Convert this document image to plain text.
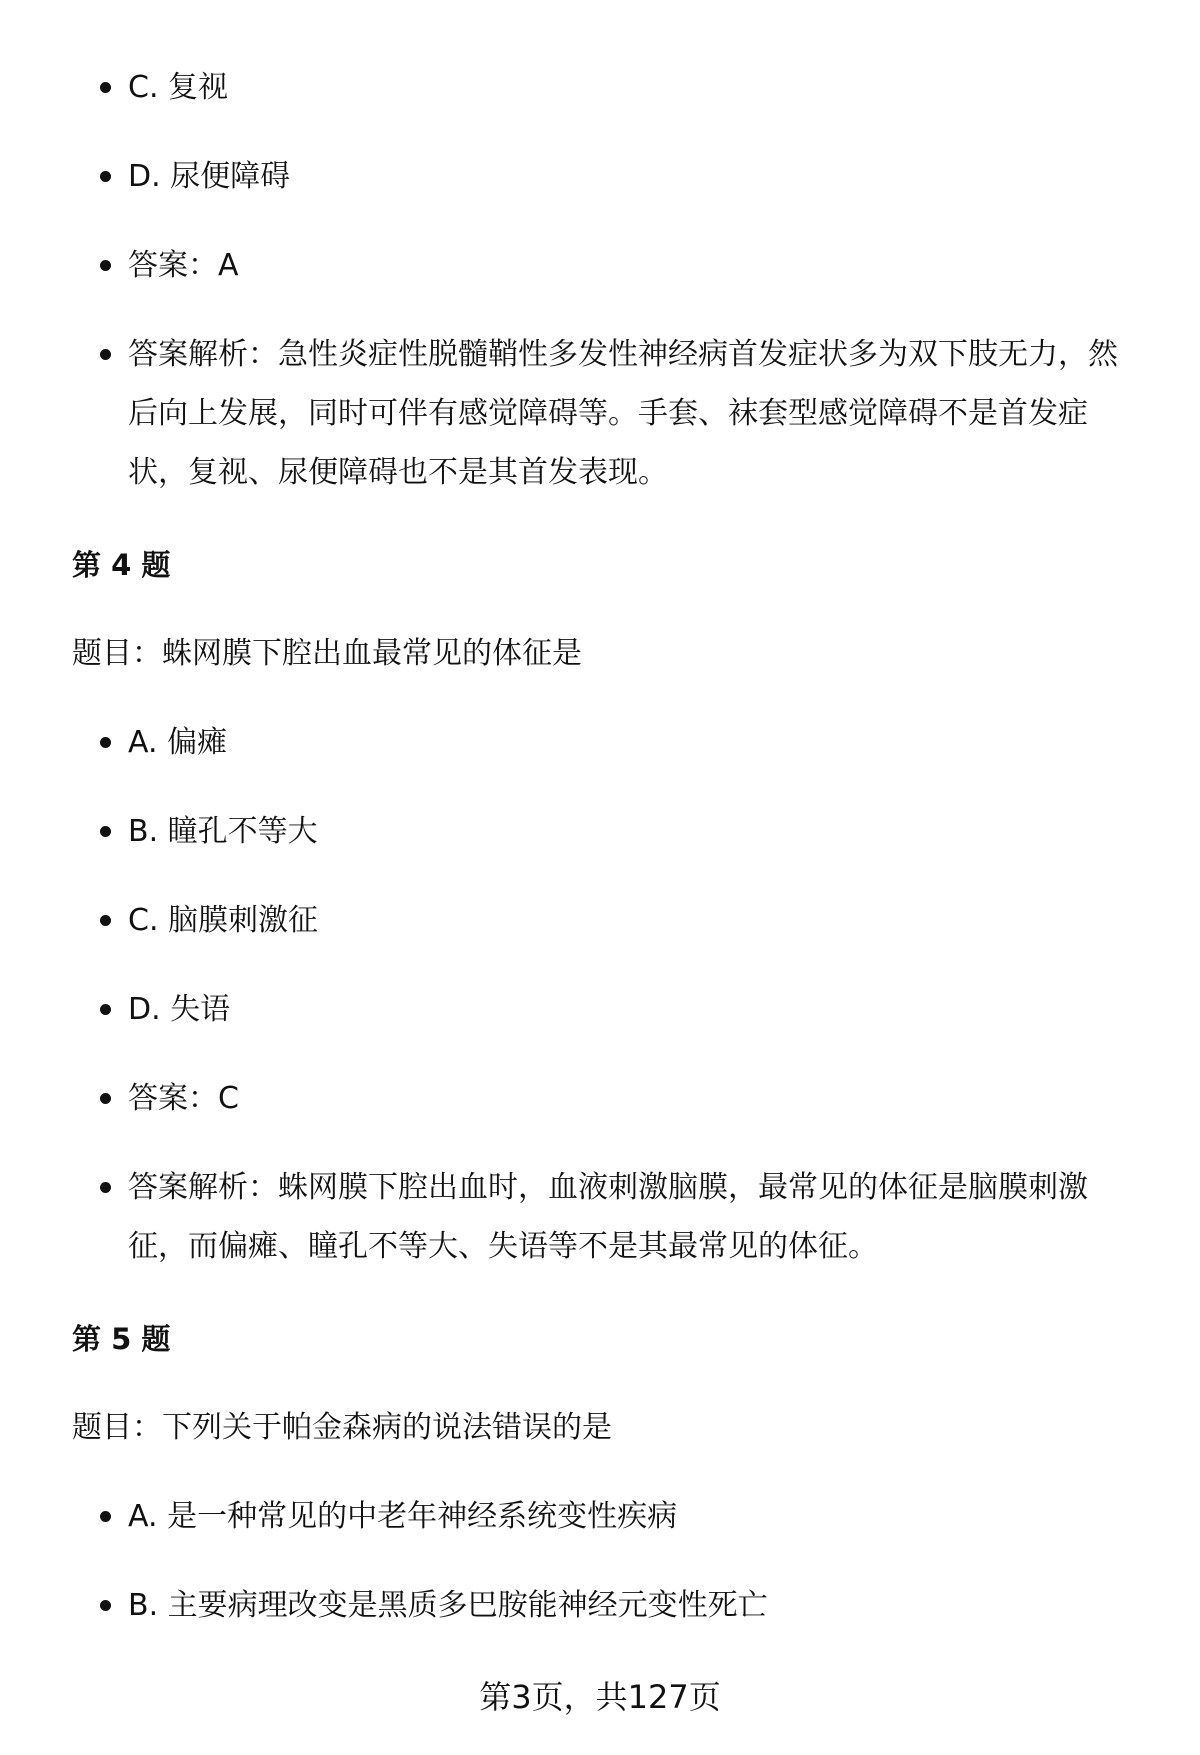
C. 复视
D. 尿便障碍
答案：A
答案解析：急性炎症性脱髓鞘性多发性神经病首发症状多为双下肢无力，然后向上发展，同时可伴有感觉障碍等。手套、袜套型感觉障碍不是首发症状，复视、尿便障碍也不是其首发表现。
第 4 题
题目：蛛网膜下腔出血最常见的体征是
A. 偏瘫
B. 瞳孔不等大
C. 脑膜刺激征
D. 失语
答案：C
答案解析：蛛网膜下腔出血时，血液刺激脑膜，最常见的体征是脑膜刺激征，而偏瘫、瞳孔不等大、失语等不是其最常见的体征。
第 5 题
题目：下列关于帕金森病的说法错误的是
A. 是一种常见的中老年神经系统变性疾病
B. 主要病理改变是黑质多巴胺能神经元变性死亡
第3页，共127页
